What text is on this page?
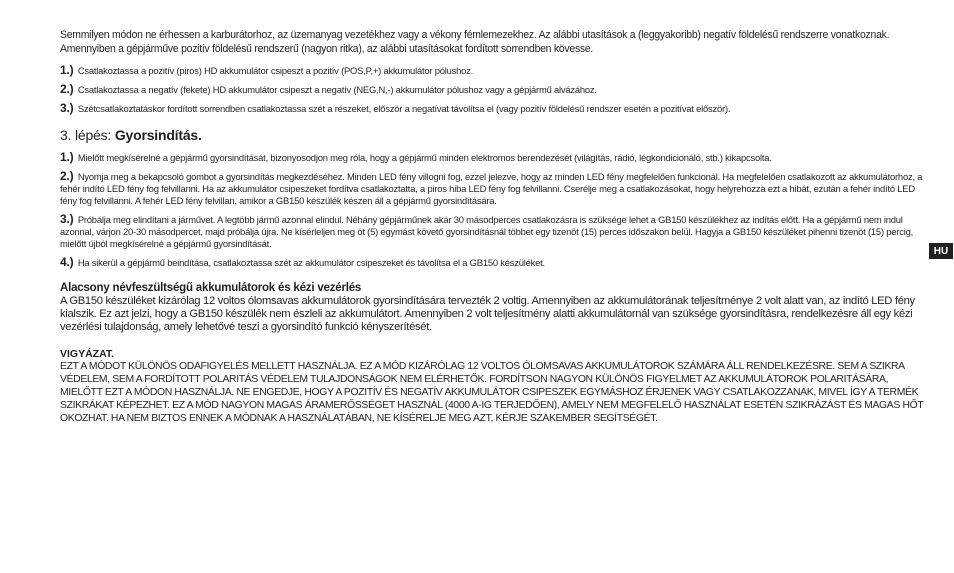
Semmilyen módon ne érhessen a karburátorhoz, az üzemanyag vezetékhez vagy a vékony fémlemezekhez. Az alábbi utasítások a (leggyakoribb) negatív földelésű rendszerre vonatkoznak. Amennyiben a gépjárműve pozitív földelésű rendszerű (nagyon ritka), az alábbi utasításokat fordított sorrendben kövesse.

1.) Csatlakoztassa a pozitív (piros) HD akkumulátor csipeszt a pozitív (POS,P,+) akkumulátor pólushoz.
2.) Csatlakoztassa a negatív (fekete) HD akkumulátor csipeszt a negatív (NEG,N,-) akkumulátor pólushoz vagy a gépjármű alvázához.
3.) Szétcsatlakoztatáskor fordított sorrendben csatlakoztassa szét a részeket, először a negatívat távolítsa el (vagy pozitív földelésű rendszer esetén a pozitívat először).
3. lépés: Gyorsindítás.
1.) Mielőtt megkísérelné a gépjármű gyorsindítását, bizonyosodjon meg róla, hogy a gépjármű minden elektromos berendezését (világítás, rádió, légkondicionáló, stb.) kikapcsolta.
2.) Nyomja meg a bekapcsoló gombot a gyorsindítás megkezdéséhez. Minden LED fény villogni fog, ezzel jelezve, hogy az minden LED fény megfelelően funkcionál. Ha megfelelően csatlakozott az akkumulátorhoz, a fehér indító LED fény fog felvillanni. Ha az akkumulátor csipeszeket fordítva csatlakoztatta, a piros hiba LED fény fog felvillanni. Cserélje meg a csatlakozásokat, hogy helyrehozza ezt a hibát, ezután a fehér indító LED fény fog felvillanni. A fehér LED fény felvillan, amikor a GB150 készülék készen áll a gépjármű gyorsindítására.
3.) Próbálja meg elindítani a járművet. A legtöbb jármű azonnal elindul. Néhány gépjárműnek akár 30 másodperces csatlakozásra is szüksége lehet a GB150 készülékhez az indítás előtt. Ha a gépjármű nem indul azonnal, várjon 20-30 másodpercet, majd próbálja újra. Ne kísérleljen meg öt (5) egymást követő gyorsindításnál többet egy tizenöt (15) perces időszakon belül. Hagyja a GB150 készüléket pihenni tizenöt (15) percig, mielőtt újból megkísérelné a gépjármű gyorsindítását.
4.) Ha sikerül a gépjármű beindítása, csatlakoztassa szét az akkumulátor csipeszeket és távolítsa el a GB150 készüléket.
Alacsony névfeszültségű akkumulátorok és kézi vezérlés

A GB150 készüléket kizárólag 12 voltos ólomsavas akkumulátorok gyorsindítására tervezték 2 voltig. Amennyiben az akkumulátorának teljesítménye 2 volt alatt van, az indító LED fény kialszik. Ez azt jelzi, hogy a GB150 készülék nem észleli az akkumulátort. Amennyiben 2 volt teljesítmény alatti akkumulátornál van szüksége gyorsindításra, rendelkezésre áll egy kézi vezérlési tulajdonság, amely lehetővé teszi a gyorsindító funkció kényszerítését.

VIGYÁZAT.

EZT A MÓDOT KÜLÖNÖS ODAFIGYELÉS MELLETT HASZNÁLJA. EZ A MÓD KIZÁRÓLAG 12 VOLTOS ÓLOMSAVAS AKKUMULÁTOROK SZÁMÁRA ÁLL RENDELKEZÉSRE. SEM A SZIKRA VÉDELEM, SEM A FORDÍTOTT POLARITÁS VÉDELEM TULAJDONSÁGOK NEM ELÉRHETŐK. FORDÍTSON NAGYON KÜLÖNÖS FIGYELMET AZ AKKUMULÁTOROK POLARITÁSÁRA, MIELŐTT EZT A MÓDON HASZNÁLJA. NE ENGEDJE, HOGY A POZITÍV ÉS NEGATÍV AKKUMULÁTOR CSIPESZEK EGYMÁSHOZ ÉRJENEK VAGY CSATLAKOZZANAK, MIVEL ÍGY A TERMÉK SZIKRÁKAT KÉPEZHET. EZ A MÓD NAGYON MAGAS ÁRAMERŐSSÉGET HASZNÁL (4000 A-IG TERJEDŐEN), AMELY NEM MEGFELELŐ HASZNÁLAT ESETÉN SZIKRÁZÁST ÉS MAGAS HŐT OKOZHAT. HA NEM BIZTOS ENNEK A MÓDNAK A HASZNÁLATÁBAN, NE KÍSÉRELJE MEG AZT, KÉRJE SZAKEMBER SEGÍTSÉGÉT.

HU
